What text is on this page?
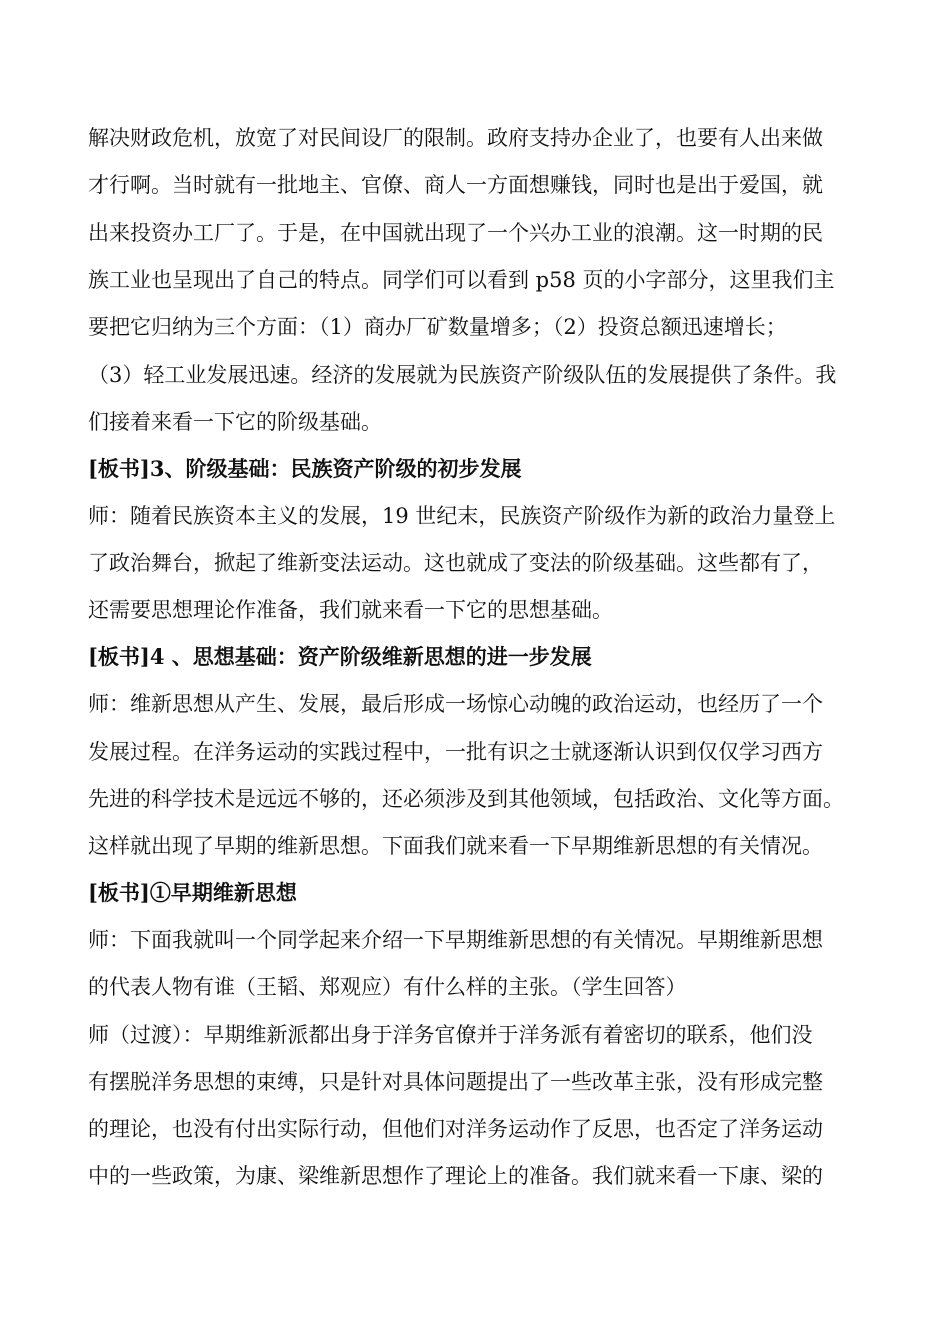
解决财政危机，放宽了对民间设厂的限制。政府支持办企业了，也要有人出来做
才行啊。当时就有一批地主、官僚、商人一方面想赚钱，同时也是出于爱国，就
出来投资办工厂了。于是，在中国就出现了一个兴办工业的浪潮。这一时期的民
族工业也呈现出了自己的特点。同学们可以看到 p58 页的小字部分，这里我们主
要把它归纳为三个方面：（1）商办厂矿数量增多；（2）投资总额迅速增长；
（3）轻工业发展迅速。经济的发展就为民族资产阶级队伍的发展提供了条件。我
们接着来看一下它的阶级基础。
[板书]3、阶级基础：民族资产阶级的初步发展
师：随着民族资本主义的发展，19 世纪末，民族资产阶级作为新的政治力量登上
了政治舞台，掀起了维新变法运动。这也就成了变法的阶级基础。这些都有了，
还需要思想理论作准备，我们就来看一下它的思想基础。
[板书]4 、思想基础：资产阶级维新思想的进一步发展
师：维新思想从产生、发展，最后形成一场惊心动魄的政治运动，也经历了一个
发展过程。在洋务运动的实践过程中，一批有识之士就逐渐认识到仅仅学习西方
先进的科学技术是远远不够的，还必须涉及到其他领域，包括政治、文化等方面。
这样就出现了早期的维新思想。下面我们就来看一下早期维新思想的有关情况。
[板书]①早期维新思想
师：下面我就叫一个同学起来介绍一下早期维新思想的有关情况。早期维新思想
的代表人物有谁（王韬、郑观应）有什么样的主张。（学生回答）
师（过渡）：早期维新派都出身于洋务官僚并于洋务派有着密切的联系，他们没
有摆脱洋务思想的束缚，只是针对具体问题提出了一些改革主张，没有形成完整
的理论，也没有付出实际行动，但他们对洋务运动作了反思，也否定了洋务运动
中的一些政策，为康、梁维新思想作了理论上的准备。我们就来看一下康、梁的
